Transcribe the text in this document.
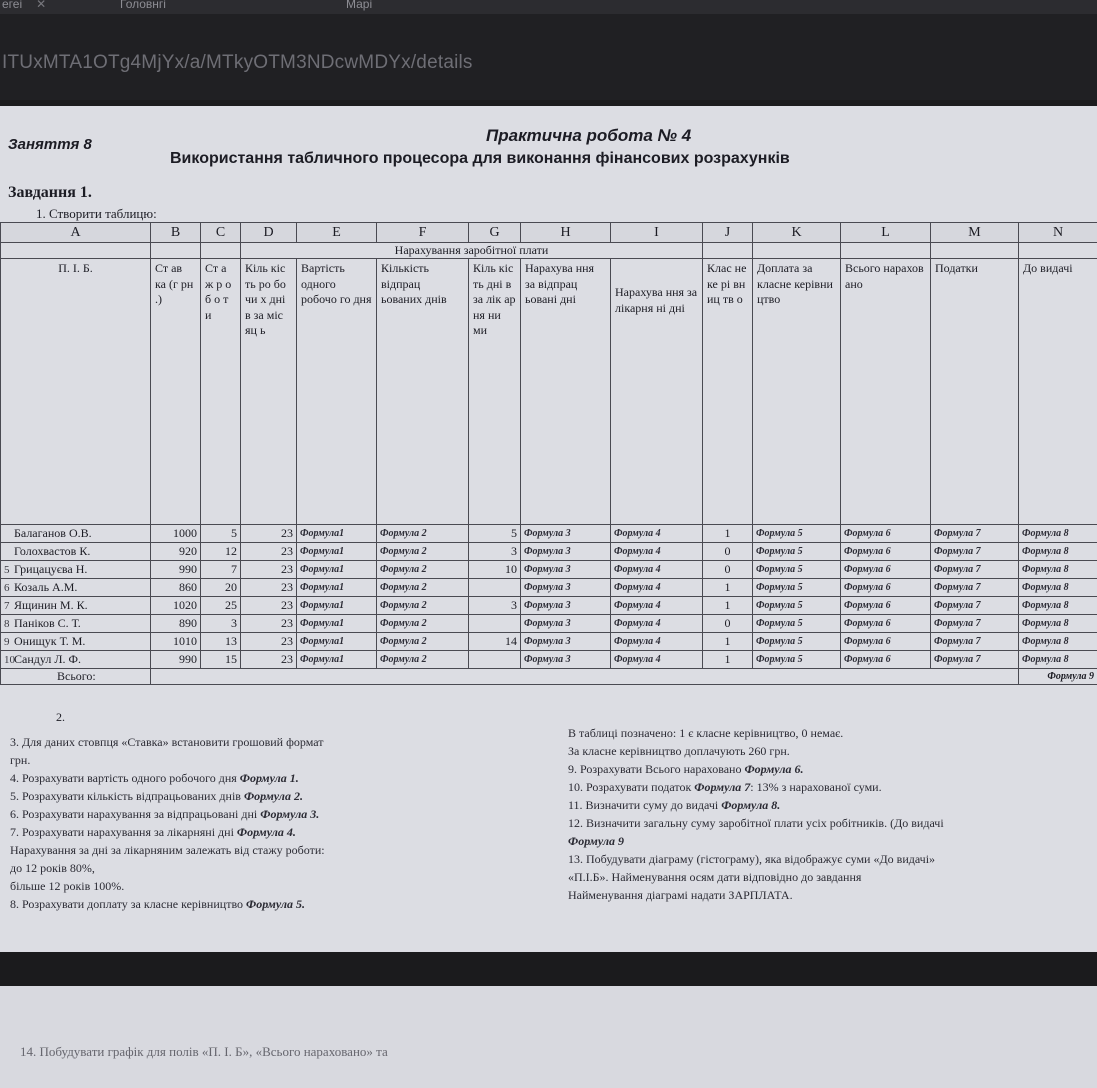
егеі ✕	Головнгі	Марі
ITUxMTA1OTg4MjYx/a/MTkyOTM3NDcwMDYx/details
Заняття 8	Практична робота № 4
Використання табличного процесора для виконання фінансових розрахунків
Завдання 1.
1. Створити таблицю:
A	B	C	D	E	F	G	H	I	J	K	L	M	N
			Нарахування заробітної плати										
П. І. Б.	Ст ав ка (г рн .)	Ст а ж р о б о т и	Кіль кіс ть ро бо чи х дні в за міс яц ь	Вартість одного робочо го дня	Кількість відпрац ьованих днів	Кіль кіс ть дні в за лік ар ня ни ми	Нарахува ння за відпрац ьовані дні	Нарахува ння за лікарня ні дні	Клас не ке рі вн иц тв о	Доплата за класне керівни цтво	Всього нарахов ано	Податки	До видачі
Балаганов О.В.	1000	5	23	Формула1	Формула 2	5	Формула 3	Формула 4	1	Формула 5	Формула 6	Формула 7	Формула 8
Голохвастов К.	920	12	23	Формула1	Формула 2	3	Формула 3	Формула 4	0	Формула 5	Формула 6	Формула 7	Формула 8
5 Грицацуєва Н.	990	7	23	Формула1	Формула 2	10	Формула 3	Формула 4	0	Формула 5	Формула 6	Формула 7	Формула 8
6 Козаль А.М.	860	20	23	Формула1	Формула 2		Формула 3	Формула 4	1	Формула 5	Формула 6	Формула 7	Формула 8
7 Ящинин М. К.	1020	25	23	Формула1	Формула 2	3	Формула 3	Формула 4	1	Формула 5	Формула 6	Формула 7	Формула 8
8 Паніков С. Т.	890	3	23	Формула1	Формула 2		Формула 3	Формула 4	0	Формула 5	Формула 6	Формула 7	Формула 8
9 Онищук Т. М.	1010	13	23	Формула1	Формула 2	14	Формула 3	Формула 4	1	Формула 5	Формула 6	Формула 7	Формула 8
10Сандул Л. Ф.	990	15	23	Формула1	Формула 2		Формула 3	Формула 4	1	Формула 5	Формула 6	Формула 7	Формула 8
Всього:													Формула 9
2.
3. Для даних стовпця «Ставка» встановити грошовий формат
грн.
4. Розрахувати вартість одного робочого дня Формула 1.
5. Розрахувати кількість відпрацьованих днів Формула 2.
6. Розрахувати нарахування за відпрацьовані дні Формула 3.
7. Розрахувати нарахування за лікарняні дні Формула 4.
Нарахування за дні за лікарняним залежать від стажу роботи:
до 12 років 80%,
більше 12 років 100%.
8. Розрахувати доплату за класне керівництво Формула 5.
В таблиці позначено: 1 є класне керівництво, 0 немає.
За класне керівництво доплачують 260 грн.
9. Розрахувати Всього нараховано Формула 6.
10. Розрахувати податок Формула 7: 13% з нарахованої суми.
11. Визначити суму до видачі Формула 8.
12. Визначити загальну суму заробітної плати усіх робітників. (До видачі
Формула 9
13. Побудувати діаграму (гістограму), яка відображує суми «До видачі»
«П.І.Б». Найменування осям дати відповідно до завдання
Найменування діаграмі надати ЗАРПЛАТА.
14. Побудувати графік для полів «П. І. Б», «Всього нараховано» та
